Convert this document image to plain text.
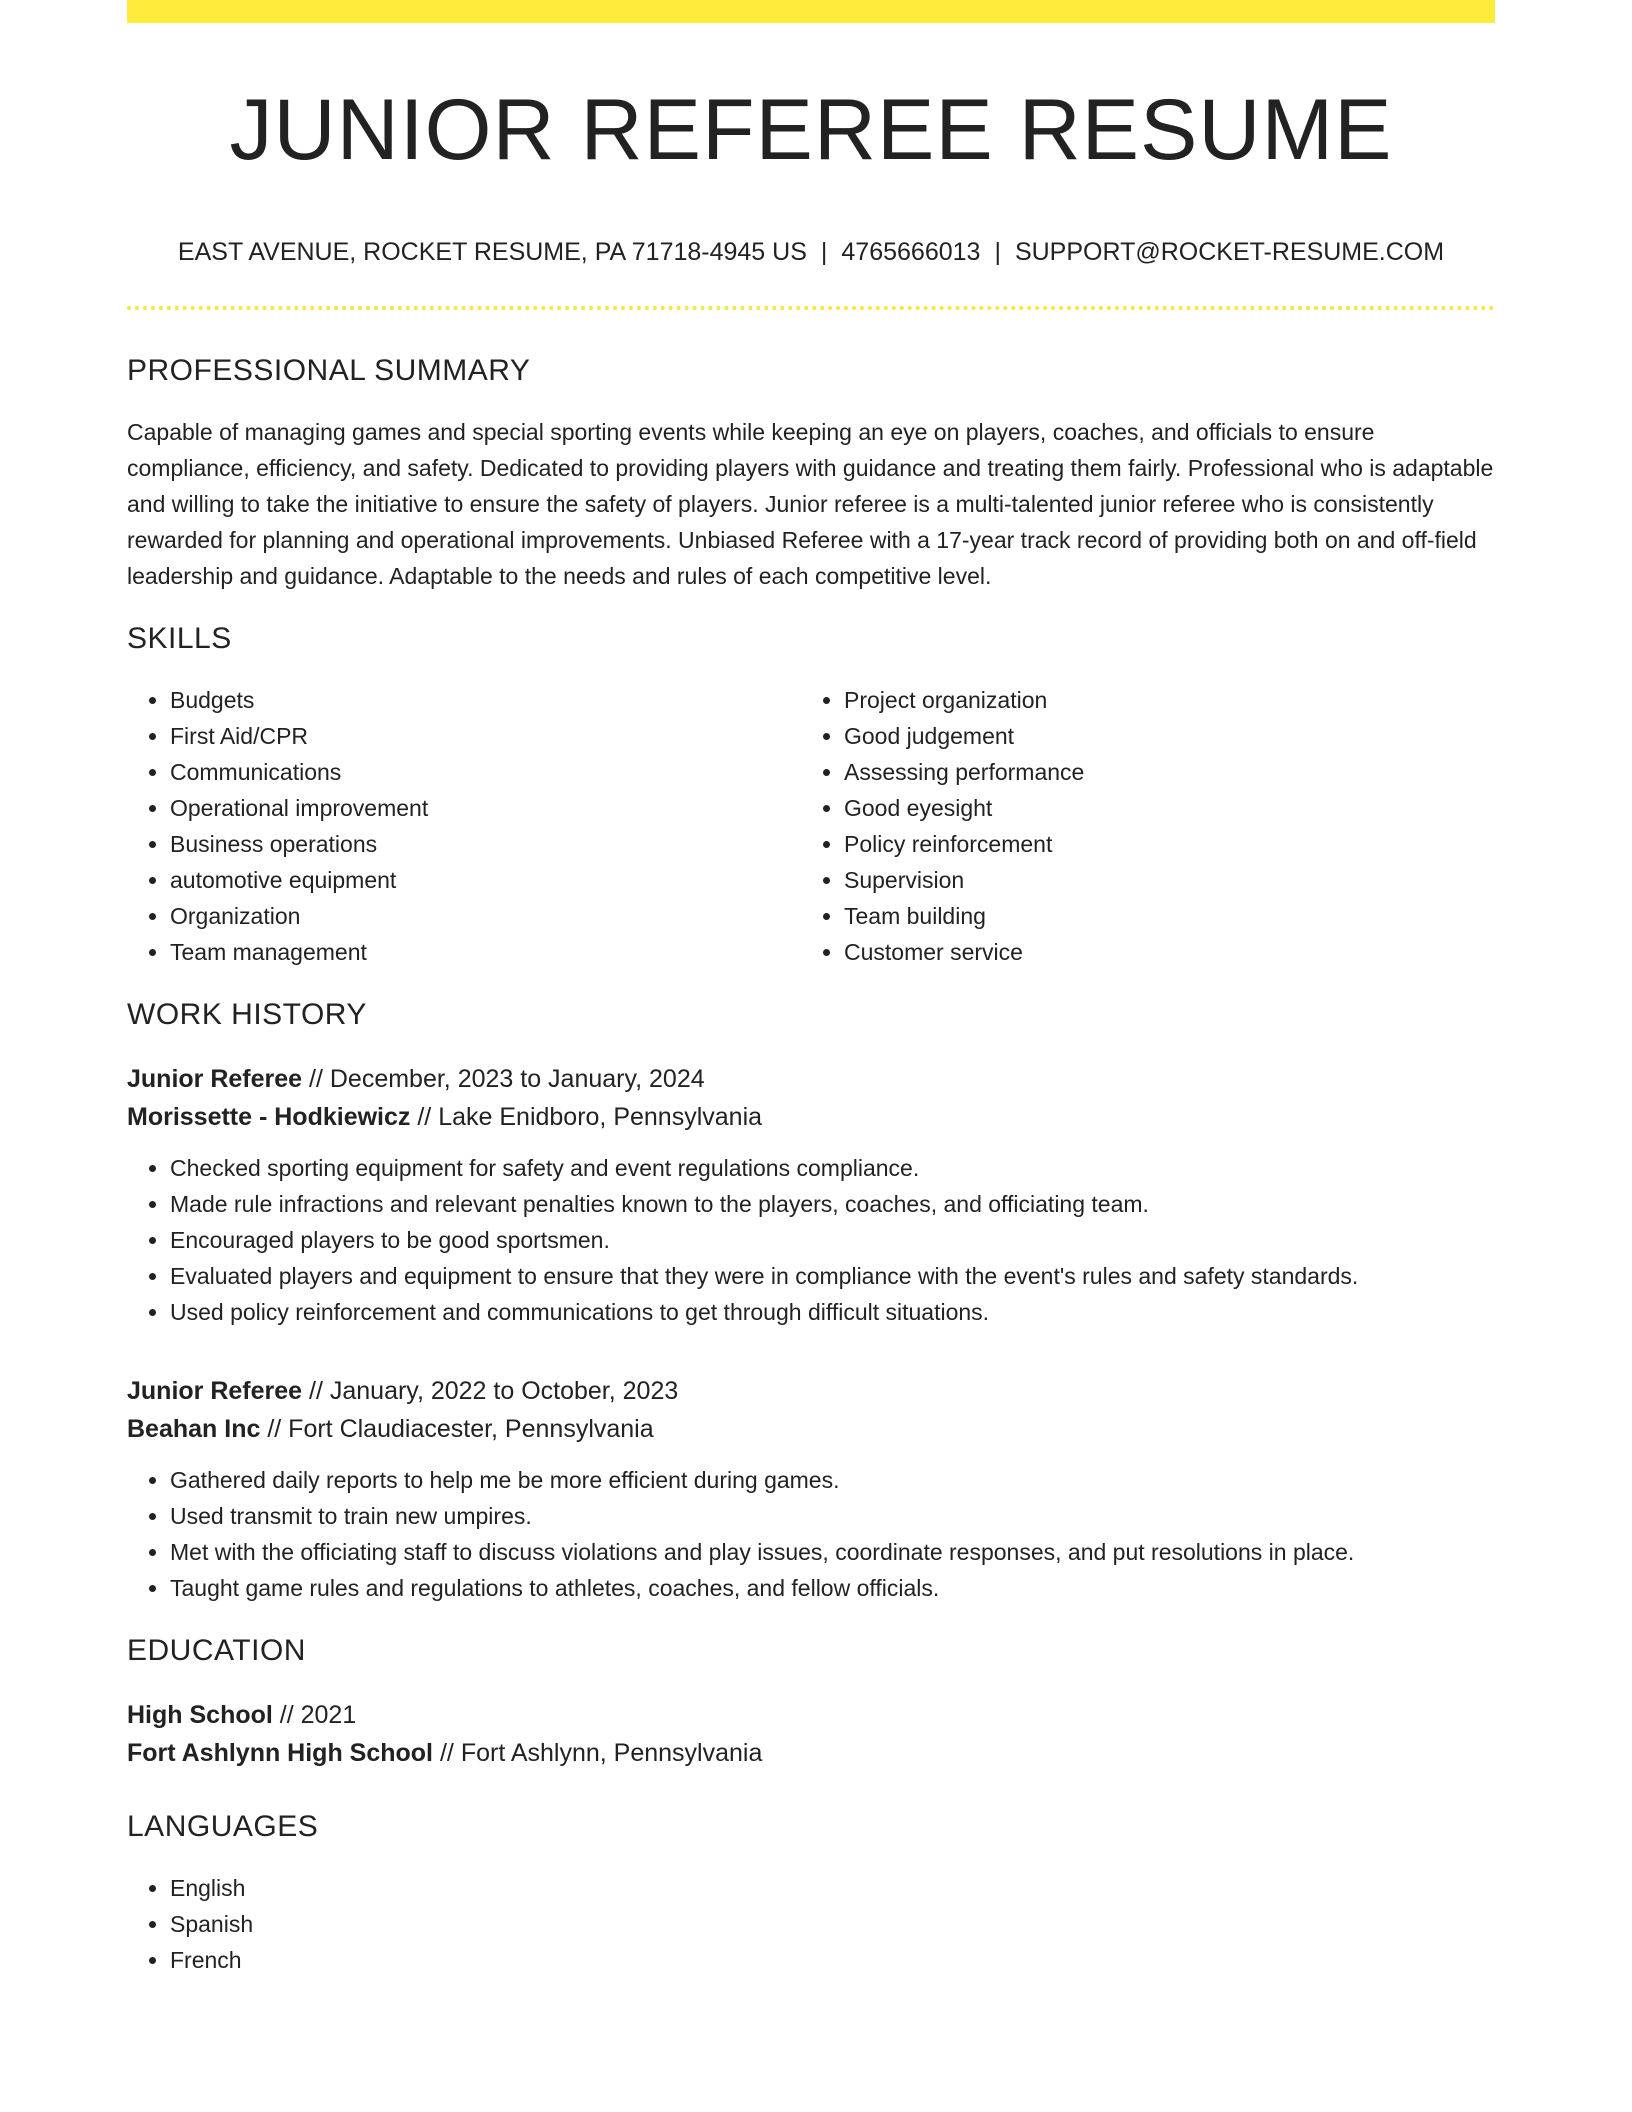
JUNIOR REFEREE RESUME
EAST AVENUE, ROCKET RESUME, PA 71718-4945 US | 4765666013 | SUPPORT@ROCKET-RESUME.COM
PROFESSIONAL SUMMARY

Capable of managing games and special sporting events while keeping an eye on players, coaches, and officials to ensure compliance, efficiency, and safety. Dedicated to providing players with guidance and treating them fairly. Professional who is adaptable and willing to take the initiative to ensure the safety of players. Junior referee is a multi-talented junior referee who is consistently rewarded for planning and operational improvements. Unbiased Referee with a 17-year track record of providing both on and off-field leadership and guidance. Adaptable to the needs and rules of each competitive level.

SKILLS
• Budgets
• First Aid/CPR
• Communications
• Operational improvement
• Business operations
• automotive equipment
• Organization
• Team management
• Project organization
• Good judgement
• Assessing performance
• Good eyesight
• Policy reinforcement
• Supervision
• Team building
• Customer service
WORK HISTORY
Junior Referee // December, 2023 to January, 2024
Morissette - Hodkiewicz // Lake Enidboro, Pennsylvania
• Checked sporting equipment for safety and event regulations compliance.
• Made rule infractions and relevant penalties known to the players, coaches, and officiating team.
• Encouraged players to be good sportsmen.
• Evaluated players and equipment to ensure that they were in compliance with the event's rules and safety standards.
• Used policy reinforcement and communications to get through difficult situations.
Junior Referee // January, 2022 to October, 2023
Beahan Inc // Fort Claudiacester, Pennsylvania
• Gathered daily reports to help me be more efficient during games.
• Used transmit to train new umpires.
• Met with the officiating staff to discuss violations and play issues, coordinate responses, and put resolutions in place.
• Taught game rules and regulations to athletes, coaches, and fellow officials.
EDUCATION
High School // 2021
Fort Ashlynn High School // Fort Ashlynn, Pennsylvania
LANGUAGES
• English
• Spanish
• French
